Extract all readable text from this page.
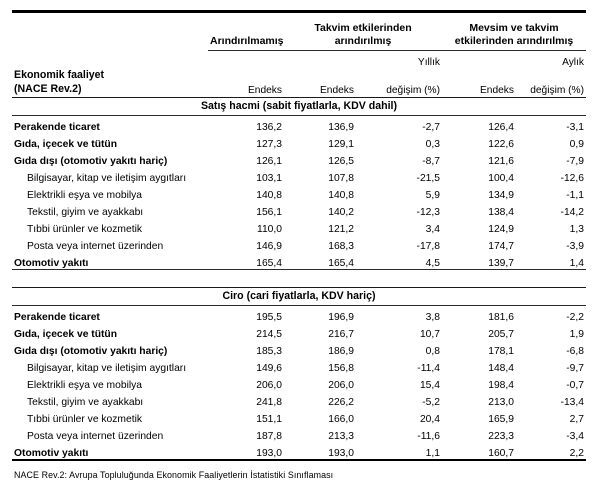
	Arındırılmamış	Takvim etkilerinden arındırılmış		Mevsim ve takvim etkilerinden arındırılmış	
			Yıllık		Aylık

Ekonomik faaliyet
(NACE Rev.2)	Endeks	Endeks	değişim (%)	Endeks	değişim (%)
Satış hacmi (sabit fiyatlarla, KDV dahil)					
Perakende ticaret	136,2	136,9	-2,7	126,4	-3,1
Gıda, içecek ve tütün	127,3	129,1	0,3	122,6	0,9
Gıda dışı (otomotiv yakıtı hariç)	126,1	126,5	-8,7	121,6	-7,9
Bilgisayar, kitap ve iletişim aygıtları	103,1	107,8	-21,5	100,4	-12,6
Elektrikli eşya ve mobilya	140,8	140,8	5,9	134,9	-1,1
Tekstil, giyim ve ayakkabı	156,1	140,2	-12,3	138,4	-14,2
Tıbbi ürünler ve kozmetik	110,0	121,2	3,4	124,9	1,3
Posta veya internet üzerinden	146,9	168,3	-17,8	174,7	-3,9
Otomotiv yakıtı	165,4	165,4	4,5	139,7	1,4

Ciro (cari fiyatlarla, KDV hariç)					
Perakende ticaret	195,5	196,9	3,8	181,6	-2,2
Gıda, içecek ve tütün	214,5	216,7	10,7	205,7	1,9
Gıda dışı (otomotiv yakıtı hariç)	185,3	186,9	0,8	178,1	-6,8
Bilgisayar, kitap ve iletişim aygıtları	149,6	156,8	-11,4	148,4	-9,7
Elektrikli eşya ve mobilya	206,0	206,0	15,4	198,4	-0,7
Tekstil, giyim ve ayakkabı	241,8	226,2	-5,2	213,0	-13,4
Tıbbi ürünler ve kozmetik	151,1	166,0	20,4	165,9	2,7
Posta veya internet üzerinden	187,8	213,3	-11,6	223,3	-3,4
Otomotiv yakıtı	193,0	193,0	1,1	160,7	2,2

NACE Rev.2: Avrupa Topluluğunda Ekonomik Faaliyetlerin İstatistiki Sınıflaması
